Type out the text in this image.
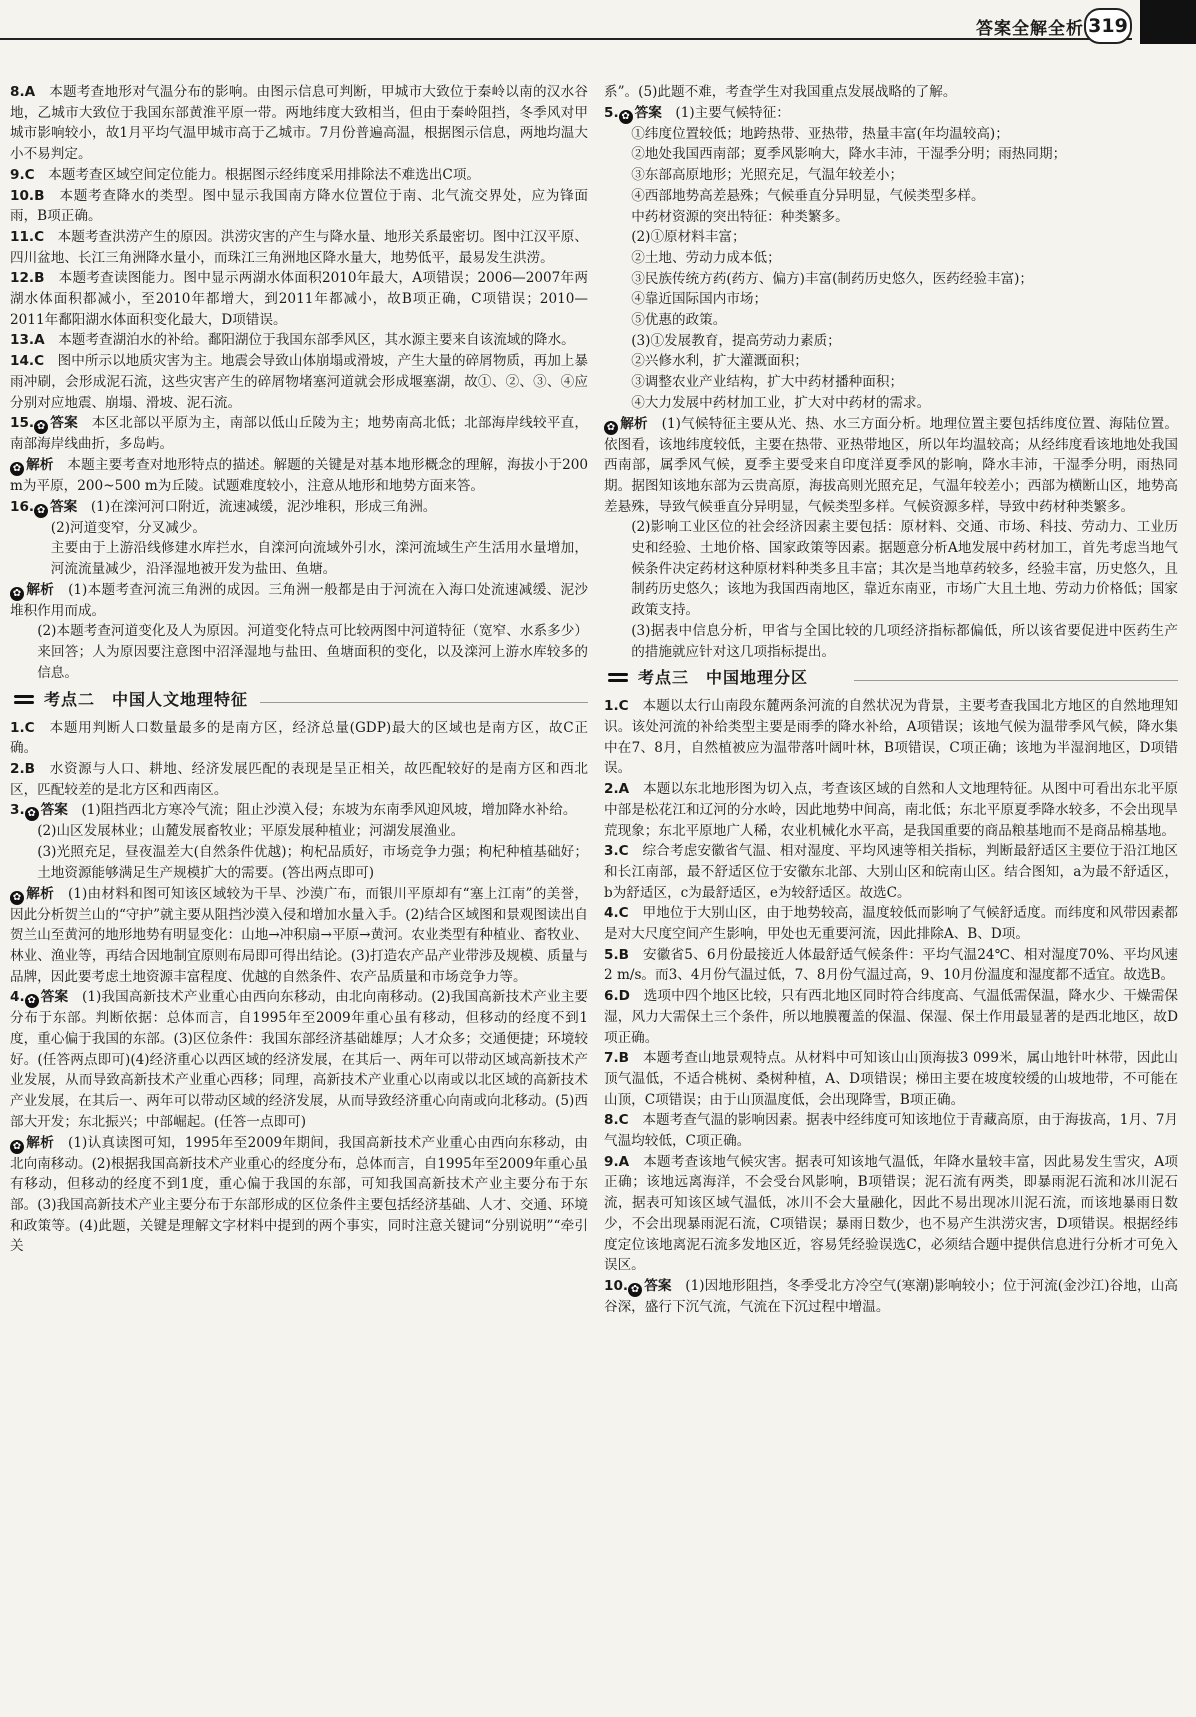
答案全解全析 319

8.A　 本题考查地形对气温分布的影响。由图示信息可判断，甲城市大致位于秦岭以南的汉水谷地，乙城市大致位于我国东部黄淮平原一带。两地纬度大致相当，但由于秦岭阻挡，冬季风对甲城市影响较小，故1月平均气温甲城市高于乙城市。7月份普遍高温，根据图示信息，两地均温大小不易判定。

9.C　 本题考查区域空间定位能力。根据图示经纬度采用排除法不难选出C项。

10.B　 本题考查降水的类型。图中显示我国南方降水位置位于南、北气流交界处，应为锋面雨，B项正确。

11.C　 本题考查洪涝产生的原因。洪涝灾害的产生与降水量、地形关系最密切。图中江汉平原、四川盆地、长江三角洲降水量小，而珠江三角洲地区降水量大，地势低平，最易发生洪涝。

12.B　 本题考查读图能力。图中显示两湖水体面积2010年最大，A项错误；2006—2007年两湖水体面积都减小，至2010年都增大，到2011年都减小，故B项正确，C项错误；2010—2011年鄱阳湖水体面积变化最大，D项错误。

13.A　 本题考查湖泊水的补给。鄱阳湖位于我国东部季风区，其水源主要来自该流域的降水。

14.C　 图中所示以地质灾害为主。地震会导致山体崩塌或滑坡，产生大量的碎屑物质，再加上暴雨冲刷，会形成泥石流，这些灾害产生的碎屑物堵塞河道就会形成堰塞湖，故①、②、③、④应分别对应地震、崩塌、滑坡、泥石流。

15. ✿ 答案　 本区北部以平原为主，南部以低山丘陵为主；地势南高北低；北部海岸线较平直，南部海岸线曲折，多岛屿。

✿ 解析　 本题主要考查对地形特点的描述。解题的关键是对基本地形概念的理解，海拔小于200 m为平原，200~500 m为丘陵。试题难度较小，注意从地形和地势方面来答。

16. ✿ 答案　 (1)在滦河河口附近，流速减缓，泥沙堆积，形成三角洲。

(2)河道变窄，分叉减少。

主要由于上游沿线修建水库拦水，自滦河向流域外引水，滦河流域生产生活用水量增加，河流流量减少，沿泽湿地被开发为盐田、鱼塘。

✿ 解析　 (1)本题考查河流三角洲的成因。三角洲一般都是由于河流在入海口处流速减缓、泥沙堆积作用而成。

(2)本题考查河道变化及人为原因。河道变化特点可比较两图中河道特征（宽窄、水系多少）来回答；人为原因要注意图中沼泽湿地与盐田、鱼塘面积的变化，以及滦河上游水库较多的信息。

考点二　中国人文地理特征

1.C　 本题用判断人口数量最多的是南方区，经济总量(GDP)最大的区域也是南方区，故C正确。

2.B　 水资源与人口、耕地、经济发展匹配的表现是呈正相关，故匹配较好的是南方区和西北区，匹配较差的是北方区和西南区。

3. ✿ 答案　 (1)阻挡西北方寒冷气流；阻止沙漠入侵；东坡为东南季风迎风坡，增加降水补给。

(2)山区发展林业；山麓发展畜牧业；平原发展种植业；河湖发展渔业。

(3)光照充足，昼夜温差大(自然条件优越)；枸杞品质好，市场竞争力强；枸杞种植基础好；土地资源能够满足生产规模扩大的需要。(答出两点即可)

✿ 解析　 (1)由材料和图可知该区域较为干旱、沙漠广布，而银川平原却有“塞上江南”的美誉，因此分析贺兰山的“守护”就主要从阻挡沙漠入侵和增加水量入手。(2)结合区域图和景观图读出自贺兰山至黄河的地形地势有明显变化：山地→冲积扇→平原→黄河。农业类型有种植业、畜牧业、林业、渔业等，再结合因地制宜原则布局即可得出结论。(3)打造农产品产业带涉及规模、质量与品牌，因此要考虑土地资源丰富程度、优越的自然条件、农产品质量和市场竞争力等。

4. ✿ 答案　 (1)我国高新技术产业重心由西向东移动，由北向南移动。(2)我国高新技术产业主要分布于东部。判断依据：总体而言，自1995年至2009年重心虽有移动，但移动的经度不到1度，重心偏于我国的东部。(3)区位条件：我国东部经济基础雄厚；人才众多；交通便捷；环境较好。(任答两点即可)(4)经济重心以西区域的经济发展，在其后一、两年可以带动区域高新技术产业发展，从而导致高新技术产业重心西移；同理，高新技术产业重心以南或以北区域的高新技术产业发展，在其后一、两年可以带动区域的经济发展，从而导致经济重心向南或向北移动。(5)西部大开发；东北振兴；中部崛起。(任答一点即可)

✿ 解析　 (1)认真读图可知，1995年至2009年期间，我国高新技术产业重心由西向东移动，由北向南移动。(2)根据我国高新技术产业重心的经度分布，总体而言，自1995年至2009年重心虽有移动，但移动的经度不到1度，重心偏于我国的东部，可知我国高新技术产业主要分布于东部。(3)我国高新技术产业主要分布于东部形成的区位条件主要包括经济基础、人才、交通、环境和政策等。(4)此题，关键是理解文字材料中提到的两个事实，同时注意关键词“分别说明”“牵引关

系”。(5)此题不难，考查学生对我国重点发展战略的了解。

5. ✿ 答案　 (1)主要气候特征：

①纬度位置较低；地跨热带、亚热带，热量丰富(年均温较高)；

②地处我国西南部；夏季风影响大，降水丰沛，干湿季分明；雨热同期；

③东部高原地形；光照充足，气温年较差小；

④西部地势高差悬殊；气候垂直分异明显，气候类型多样。

中药材资源的突出特征：种类繁多。

(2)①原材料丰富；

②土地、劳动力成本低；

③民族传统方药(药方、偏方)丰富(制药历史悠久，医药经验丰富)；

④靠近国际国内市场；

⑤优惠的政策。

(3)①发展教育，提高劳动力素质；

②兴修水利，扩大灌溉面积；

③调整农业产业结构，扩大中药材播种面积；

④大力发展中药材加工业，扩大对中药材的需求。

✿ 解析　 (1)气候特征主要从光、热、水三方面分析。地理位置主要包括纬度位置、海陆位置。依图看，该地纬度较低，主要在热带、亚热带地区，所以年均温较高；从经纬度看该地地处我国西南部，属季风气候，夏季主要受来自印度洋夏季风的影响，降水丰沛，干湿季分明，雨热同期。据图知该地东部为云贵高原，海拔高则光照充足，气温年较差小；西部为横断山区，地势高差悬殊，导致气候垂直分异明显，气候类型多样。气候资源多样，导致中药材种类繁多。

(2)影响工业区位的社会经济因素主要包括：原材料、交通、市场、科技、劳动力、工业历史和经验、土地价格、国家政策等因素。据题意分析A地发展中药材加工，首先考虑当地气候条件决定药材这种原材料种类多且丰富；其次是当地草药较多，经验丰富，历史悠久，且制药历史悠久；该地为我国西南地区，靠近东南亚，市场广大且土地、劳动力价格低；国家政策支持。

(3)据表中信息分析，甲省与全国比较的几项经济指标都偏低，所以该省要促进中医药生产的措施就应针对这几项指标提出。

考点三　中国地理分区

1.C　 本题以太行山南段东麓两条河流的自然状况为背景，主要考查我国北方地区的自然地理知识。该处河流的补给类型主要是雨季的降水补给，A项错误；该地气候为温带季风气候，降水集中在7、8月，自然植被应为温带落叶阔叶林，B项错误，C项正确；该地为半湿润地区，D项错误。

2.A　 本题以东北地形图为切入点，考查该区域的自然和人文地理特征。从图中可看出东北平原中部是松花江和辽河的分水岭，因此地势中间高，南北低；东北平原夏季降水较多，不会出现旱荒现象；东北平原地广人稀，农业机械化水平高，是我国重要的商品粮基地而不是商品棉基地。

3.C　 综合考虑安徽省气温、相对湿度、平均风速等相关指标，判断最舒适区主要位于沿江地区和长江南部，最不舒适区位于安徽东北部、大别山区和皖南山区。结合图知，a为最不舒适区，b为舒适区，c为最舒适区，e为较舒适区。故选C。

4.C　 甲地位于大别山区，由于地势较高，温度较低而影响了气候舒适度。而纬度和风带因素都是对大尺度空间产生影响，甲处也无重要河流，因此排除A、B、D项。

5.B　 安徽省5、6月份最接近人体最舒适气候条件：平均气温24℃、相对湿度70%、平均风速2 m/s。而3、4月份气温过低，7、8月份气温过高，9、10月份温度和湿度都不适宜。故选B。

6.D　 选项中四个地区比较，只有西北地区同时符合纬度高、气温低需保温，降水少、干燥需保湿，风力大需保土三个条件，所以地膜覆盖的保温、保湿、保土作用最显著的是西北地区，故D项正确。

7.B　 本题考查山地景观特点。从材料中可知该山山顶海拔3 099米，属山地针叶林带，因此山顶气温低，不适合桃树、桑树种植，A、D项错误；梯田主要在坡度较缓的山坡地带，不可能在山顶，C项错误；由于山顶温度低，会出现降雪，B项正确。

8.C　 本题考查气温的影响因素。据表中经纬度可知该地位于青藏高原，由于海拔高，1月、7月气温均较低，C项正确。

9.A　 本题考查该地气候灾害。据表可知该地气温低，年降水量较丰富，因此易发生雪灾，A项正确；该地远离海洋，不会受台风影响，B项错误；泥石流有两类，即暴雨泥石流和冰川泥石流，据表可知该区域气温低，冰川不会大量融化，因此不易出现冰川泥石流，而该地暴雨日数少，不会出现暴雨泥石流，C项错误；暴雨日数少，也不易产生洪涝灾害，D项错误。根据经纬度定位该地离泥石流多发地区近，容易凭经验误选C，必须结合题中提供信息进行分析才可免入误区。

10. ✿ 答案　 (1)因地形阻挡，冬季受北方冷空气(寒潮)影响较小；位于河流(金沙江)谷地，山高谷深，盛行下沉气流，气流在下沉过程中增温。
